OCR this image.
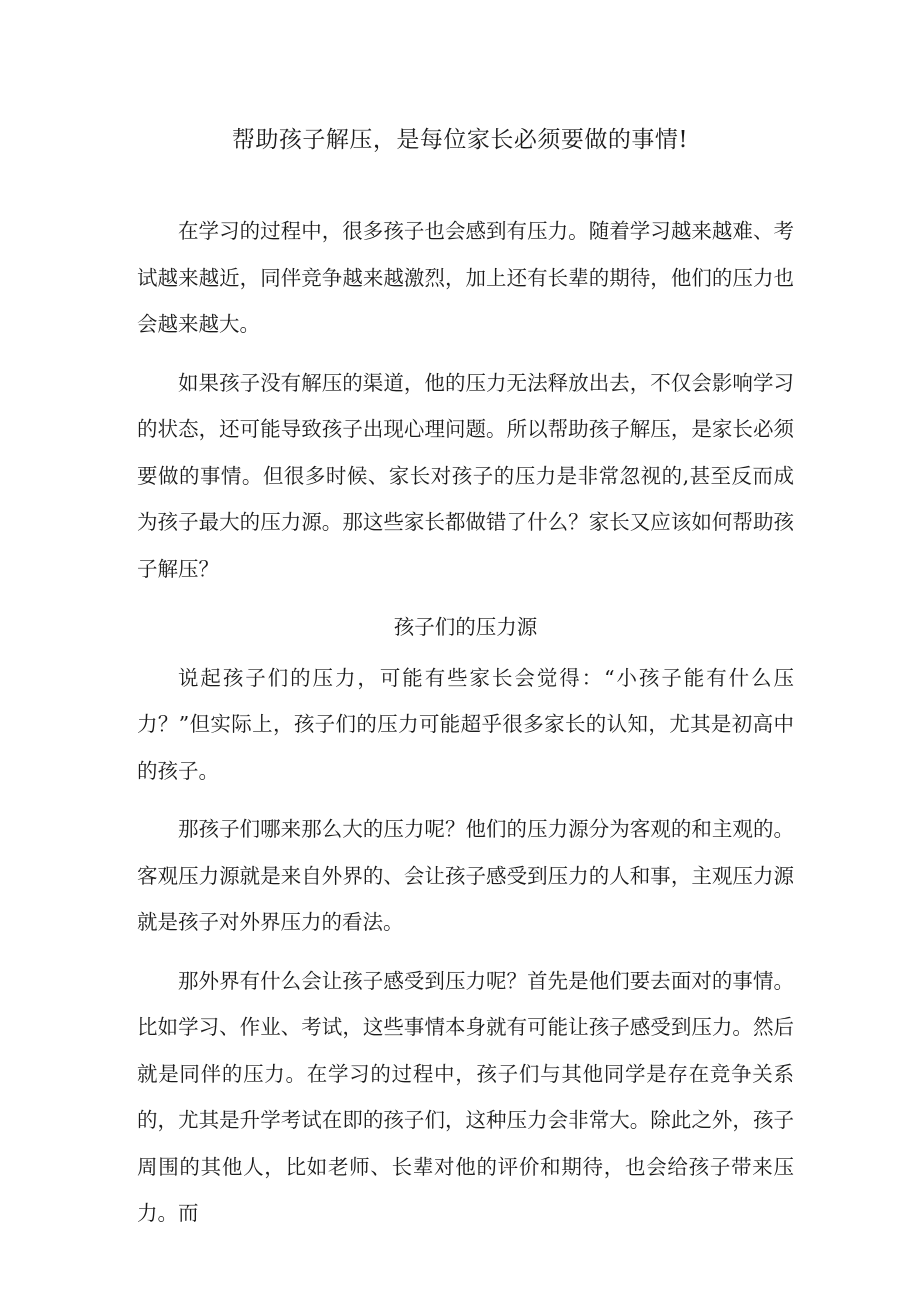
帮助孩子解压，是每位家长必须要做的事情!

在学习的过程中，很多孩子也会感到有压力。随着学习越来越难、考试越来越近，同伴竞争越来越激烈，加上还有长辈的期待，他们的压力也会越来越大。

如果孩子没有解压的渠道，他的压力无法释放出去，不仅会影响学习的状态，还可能导致孩子出现心理问题。所以帮助孩子解压，是家长必须要做的事情。但很多时候、家长对孩子的压力是非常忽视的,甚至反而成为孩子最大的压力源。那这些家长都做错了什么？家长又应该如何帮助孩子解压？

孩子们的压力源

说起孩子们的压力，可能有些家长会觉得：“小孩子能有什么压力？”但实际上，孩子们的压力可能超乎很多家长的认知，尤其是初高中的孩子。

那孩子们哪来那么大的压力呢？他们的压力源分为客观的和主观的。客观压力源就是来自外界的、会让孩子感受到压力的人和事，主观压力源就是孩子对外界压力的看法。

那外界有什么会让孩子感受到压力呢？首先是他们要去面对的事情。比如学习、作业、考试，这些事情本身就有可能让孩子感受到压力。然后就是同伴的压力。在学习的过程中，孩子们与其他同学是存在竞争关系的，尤其是升学考试在即的孩子们，这种压力会非常大。除此之外，孩子周围的其他人，比如老师、长辈对他的评价和期待，也会给孩子带来压力。而
